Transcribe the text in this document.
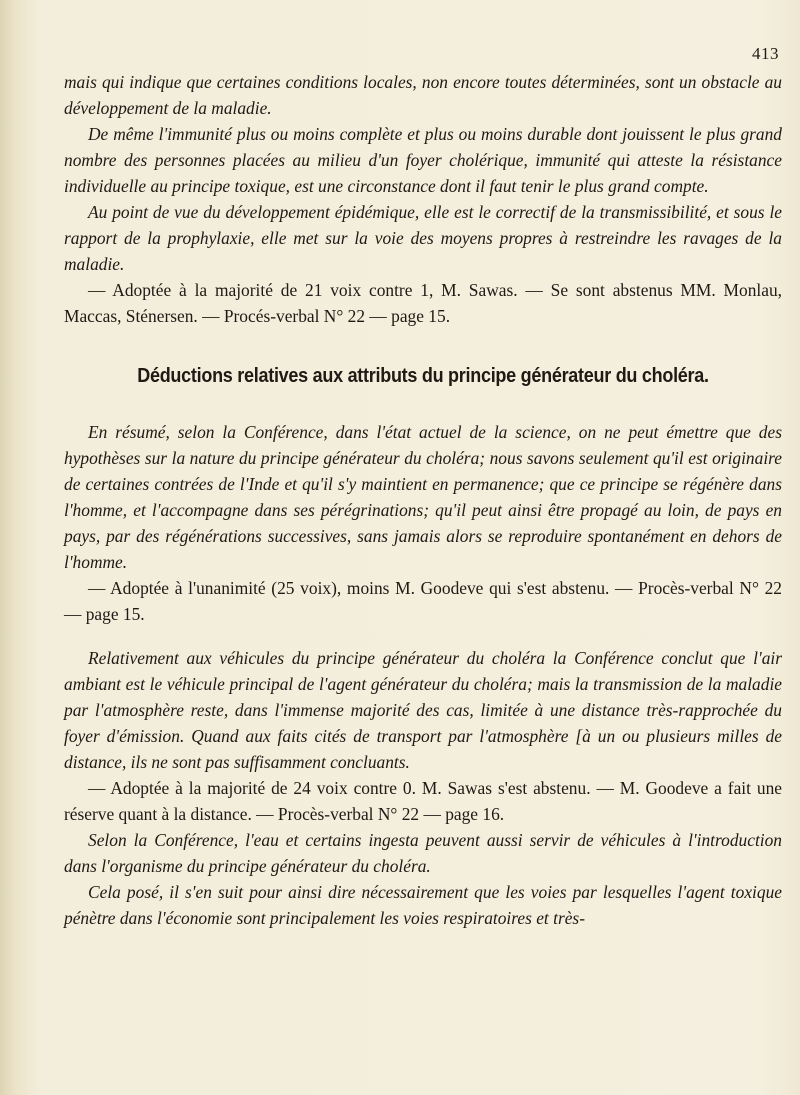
413

mais qui indique que certaines conditions locales, non encore toutes déterminées, sont un obstacle au développement de la maladie.

De même l'immunité plus ou moins complète et plus ou moins durable dont jouissent le plus grand nombre des personnes placées au milieu d'un foyer cholérique, immunité qui atteste la résistance individuelle au principe toxique, est une circonstance dont il faut tenir le plus grand compte.

Au point de vue du développement épidémique, elle est le correctif de la transmissibilité, et sous le rapport de la prophylaxie, elle met sur la voie des moyens propres à restreindre les ravages de la maladie.

— Adoptée à la majorité de 21 voix contre 1, M. Sawas. — Se sont abstenus MM. Monlau, Maccas, Sténersen. — Procés-verbal N° 22 — page 15.

Déductions relatives aux attributs du principe générateur du choléra.

En résumé, selon la Conférence, dans l'état actuel de la science, on ne peut émettre que des hypothèses sur la nature du principe générateur du choléra; nous savons seulement qu'il est originaire de certaines contrées de l'Inde et qu'il s'y maintient en permanence; que ce principe se régénère dans l'homme, et l'accompagne dans ses pérégrinations; qu'il peut ainsi être propagé au loin, de pays en pays, par des régénérations successives, sans jamais alors se reproduire spontanément en dehors de l'homme.

— Adoptée à l'unanimité (25 voix), moins M. Goodeve qui s'est abstenu. — Procès-verbal N° 22 — page 15.

Relativement aux véhicules du principe générateur du choléra la Conférence conclut que l'air ambiant est le véhicule principal de l'agent générateur du choléra; mais la transmission de la maladie par l'atmosphère reste, dans l'immense majorité des cas, limitée à une distance très-rapprochée du foyer d'émission. Quand aux faits cités de transport par l'atmosphère [à un ou plusieurs milles de distance, ils ne sont pas suffisamment concluants.

— Adoptée à la majorité de 24 voix contre 0. M. Sawas s'est abstenu. — M. Goodeve a fait une réserve quant à la distance. — Procès-verbal N° 22 — page 16.

Selon la Conférence, l'eau et certains ingesta peuvent aussi servir de véhicules à l'introduction dans l'organisme du principe générateur du choléra.

Cela posé, il s'en suit pour ainsi dire nécessairement que les voies par lesquelles l'agent toxique pénètre dans l'économie sont principalement les voies respiratoires et très-
